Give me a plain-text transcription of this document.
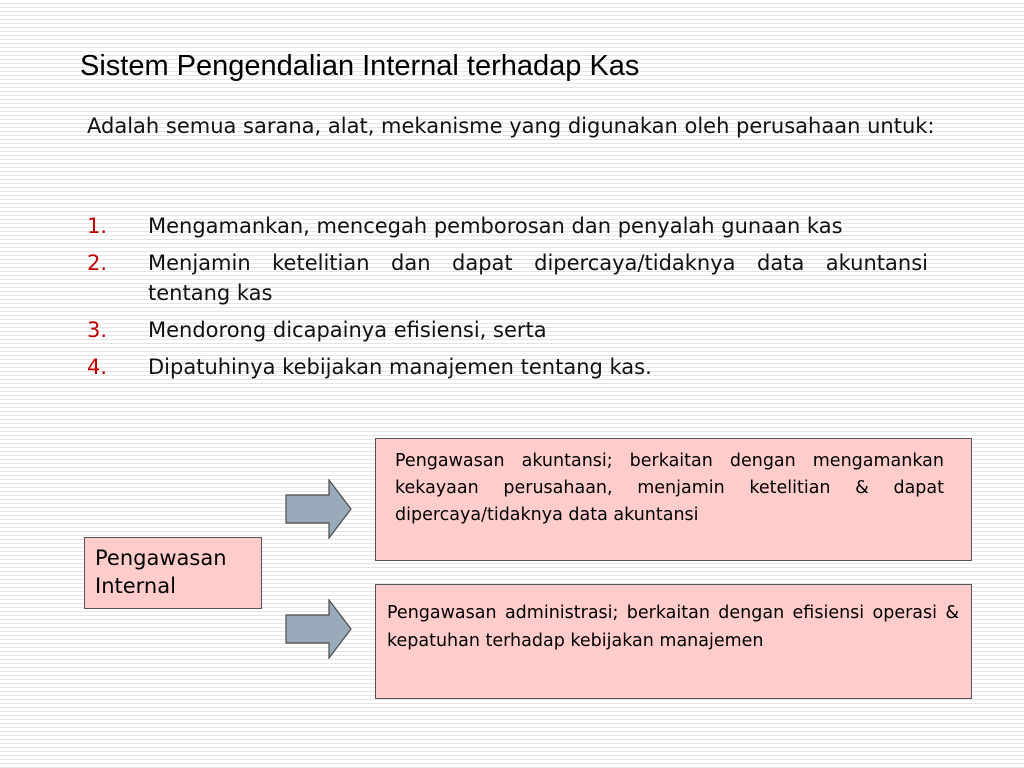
Sistem Pengendalian Internal terhadap Kas
Adalah semua sarana, alat, mekanisme yang digunakan oleh perusahaan untuk:
1.	Mengamankan, mencegah pemborosan dan penyalah gunaan kas
2.	Menjamin ketelitian dan dapat dipercaya/tidaknya data akuntansi tentang kas
3.	Mendorong dicapainya efisiensi, serta
4.	Dipatuhinya kebijakan manajemen tentang kas.
Pengawasan Internal
Pengawasan akuntansi; berkaitan dengan mengamankan kekayaan perusahaan, menjamin ketelitian & dapat dipercaya/tidaknya data akuntansi
Pengawasan administrasi; berkaitan dengan efisiensi operasi & kepatuhan terhadap kebijakan manajemen
